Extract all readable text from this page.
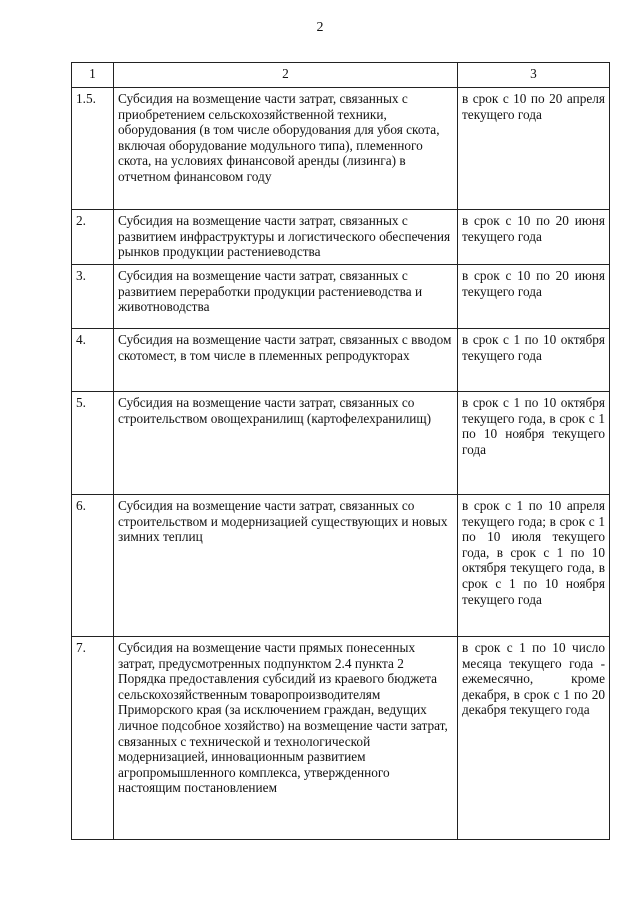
2
1	2	3
1.5.	Субсидия на возмещение части затрат, связанных с приобретением сельскохозяйственной техники, оборудования (в том числе оборудования для убоя скота, включая оборудование модульного типа), племенного скота, на условиях финансовой аренды (лизинга) в отчетном финансовом году	в срок с 10 по 20 апреля текущего года
2.	Субсидия на возмещение части затрат, связанных с развитием инфраструктуры и логистического обеспечения рынков продукции растениеводства	в срок с 10 по 20 июня текущего года
3.	Субсидия на возмещение части затрат, связанных с развитием переработки продукции растениеводства и животноводства	в срок с 10 по 20 июня текущего года
4.	Субсидия на возмещение части затрат, связанных с вводом скотомест, в том числе в племенных репродукторах	в срок с 1 по 10 октября текущего года
5.	Субсидия на возмещение части затрат, связанных со строительством овощехранилищ (картофелехранилищ)	в срок с 1 по 10 октября текущего года, в срок с 1 по 10 ноября текущего года
6.	Субсидия на возмещение части затрат, связанных со строительством и модернизацией существующих и новых зимних теплиц	в срок с 1 по 10 апреля текущего года; в срок с 1 по 10 июля текущего года, в срок с 1 по 10 октября текущего года, в срок с 1 по 10 ноября текущего года
7.	Субсидия на возмещение части прямых понесенных затрат, предусмотренных подпунктом 2.4 пункта 2 Порядка предоставления субсидий из краевого бюджета сельскохозяйственным товаропроизводителям Приморского края (за исключением граждан, ведущих личное подсобное хозяйство) на возмещение части затрат, связанных с технической и технологической модернизацией, инновационным развитием агропромышленного комплекса, утвержденного настоящим постановлением	в срок с 1 по 10 число месяца текущего года - ежемесячно, кроме декабря, в срок с 1 по 20 декабря текущего года
